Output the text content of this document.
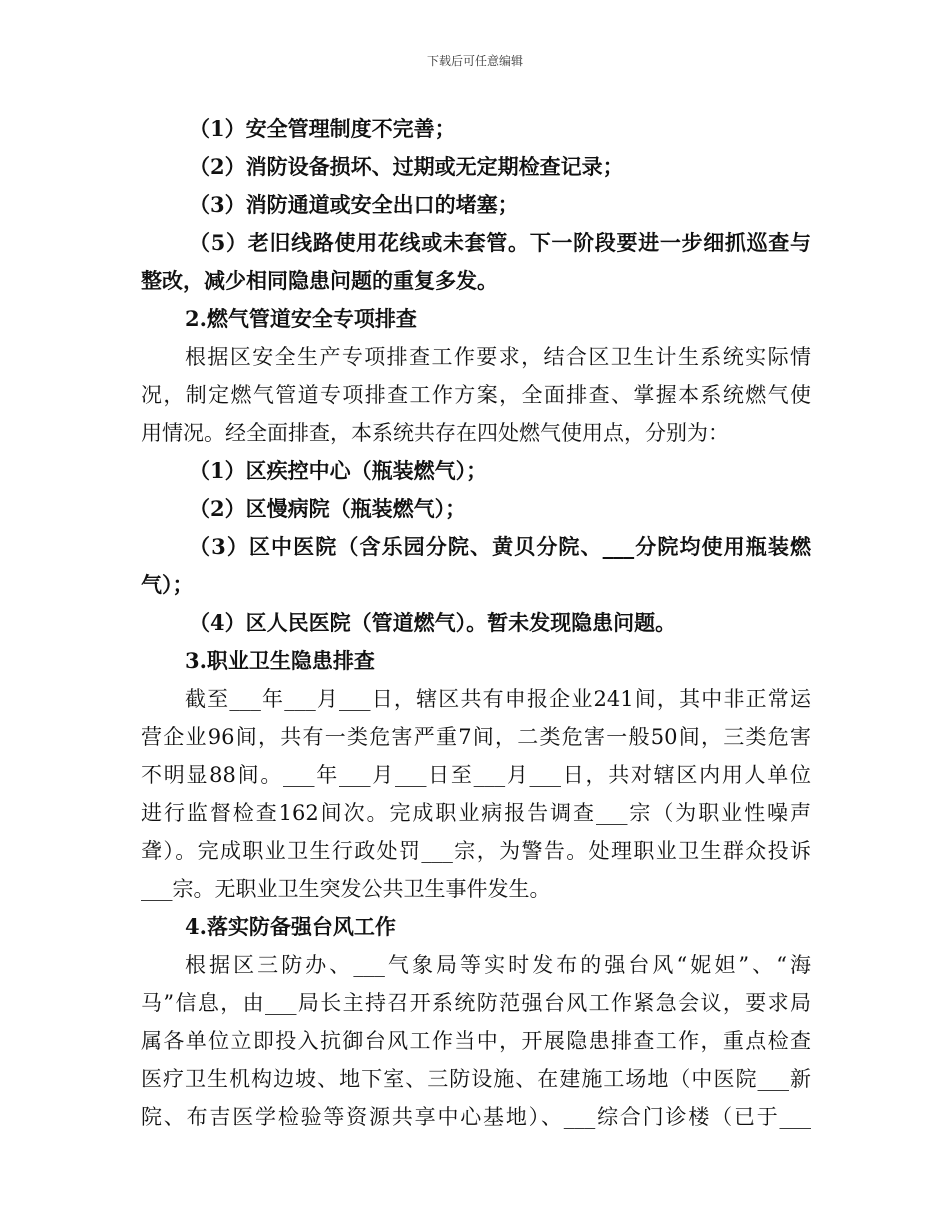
下载后可任意编辑

（1）安全管理制度不完善；

（2）消防设备损坏、过期或无定期检查记录；

（3）消防通道或安全出口的堵塞；

（5）老旧线路使用花线或未套管。下一阶段要进一步细抓巡查与

整改，减少相同隐患问题的重复多发。

2.燃气管道安全专项排查

根据区安全生产专项排查工作要求，结合区卫生计生系统实际情

况，制定燃气管道专项排查工作方案，全面排查、掌握本系统燃气使

用情况。经全面排查，本系统共存在四处燃气使用点，分别为：

（1）区疾控中心（瓶装燃气）；

（2）区慢病院（瓶装燃气）；

（3）区中医院（含乐园分院、黄贝分院、___分院均使用瓶装燃

气）；

（4）区人民医院（管道燃气）。暂未发现隐患问题。

3.职业卫生隐患排查

截至___年___月___日，辖区共有申报企业241间，其中非正常运

营企业96间，共有一类危害严重7间，二类危害一般50间，三类危害

不明显88间。___年___月___日至___月___日，共对辖区内用人单位

进行监督检查162间次。完成职业病报告调查___宗（为职业性噪声

聋）。完成职业卫生行政处罚___宗，为警告。处理职业卫生群众投诉

___宗。无职业卫生突发公共卫生事件发生。

4.落实防备强台风工作

根据区三防办、___气象局等实时发布的强台风“妮妲”、“海

马”信息，由___局长主持召开系统防范强台风工作紧急会议，要求局

属各单位立即投入抗御台风工作当中，开展隐患排查工作，重点检查

医疗卫生机构边坡、地下室、三防设施、在建施工场地（中医院___新

院、布吉医学检验等资源共享中心基地）、___综合门诊楼（已于___
